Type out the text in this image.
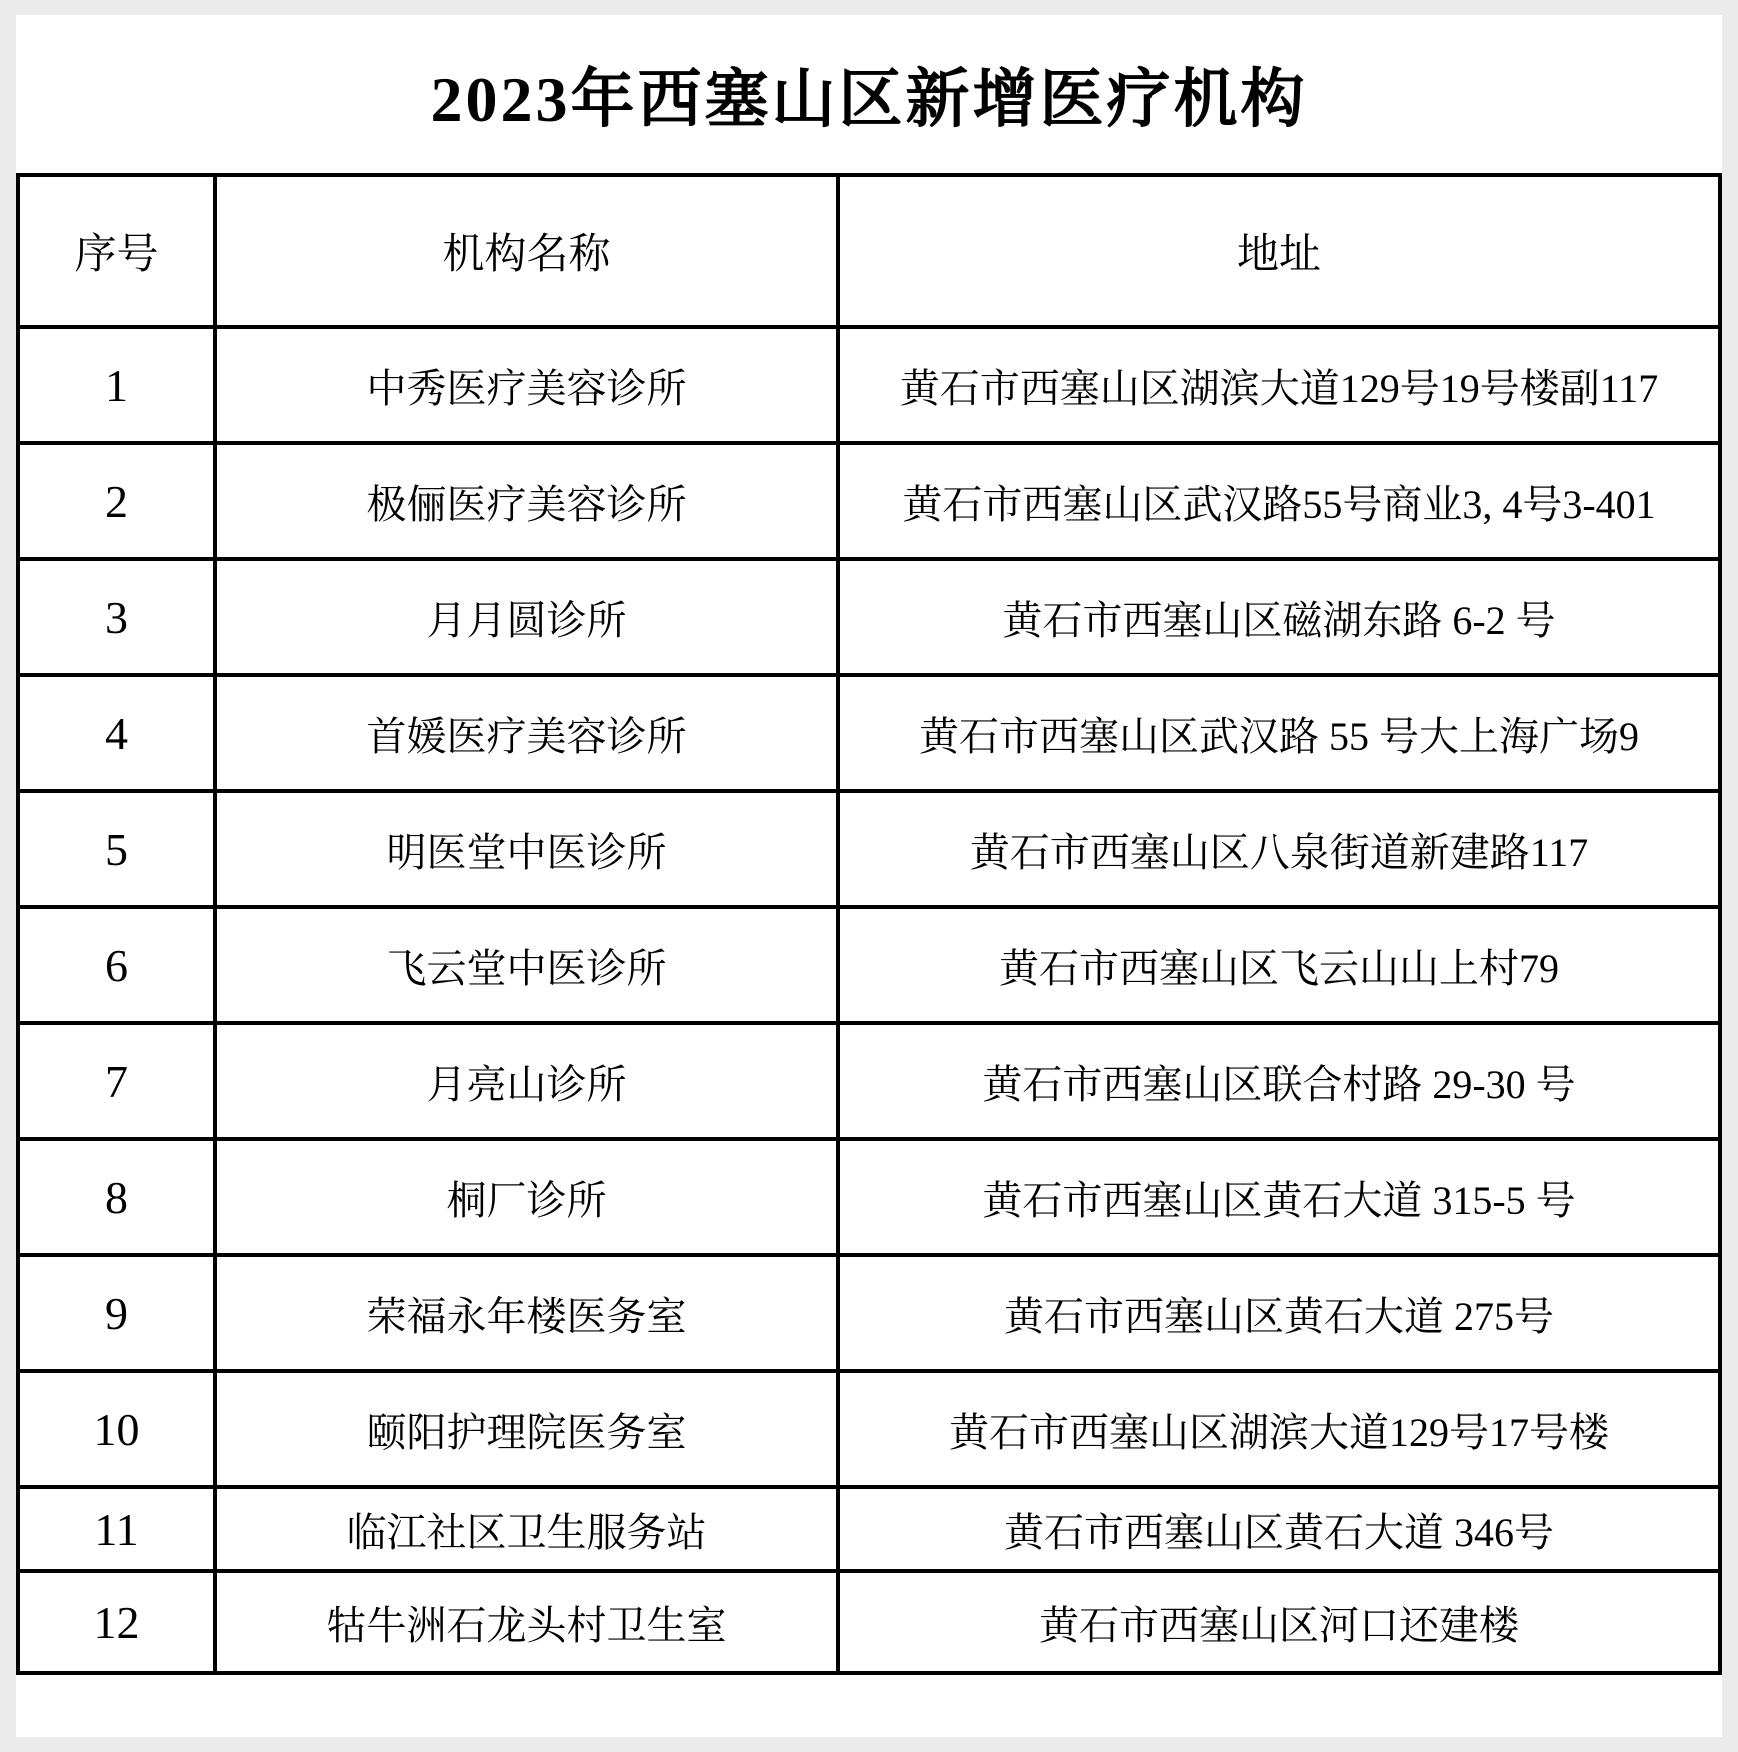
2023年西塞山区新增医疗机构
序号	机构名称	地址
1	中秀医疗美容诊所	黄石市西塞山区湖滨大道129号19号楼副117
2	极俪医疗美容诊所	黄石市西塞山区武汉路55号商业3, 4号3-401
3	月月圆诊所	黄石市西塞山区磁湖东路 6-2 号
4	首媛医疗美容诊所	黄石市西塞山区武汉路 55 号大上海广场9
5	明医堂中医诊所	黄石市西塞山区八泉街道新建路117
6	飞云堂中医诊所	黄石市西塞山区飞云山山上村79
7	月亮山诊所	黄石市西塞山区联合村路 29-30 号
8	桐厂诊所	黄石市西塞山区黄石大道 315-5 号
9	荣福永年楼医务室	黄石市西塞山区黄石大道 275号
10	颐阳护理院医务室	黄石市西塞山区湖滨大道129号17号楼
11	临江社区卫生服务站	黄石市西塞山区黄石大道 346号
12	牯牛洲石龙头村卫生室	黄石市西塞山区河口还建楼
